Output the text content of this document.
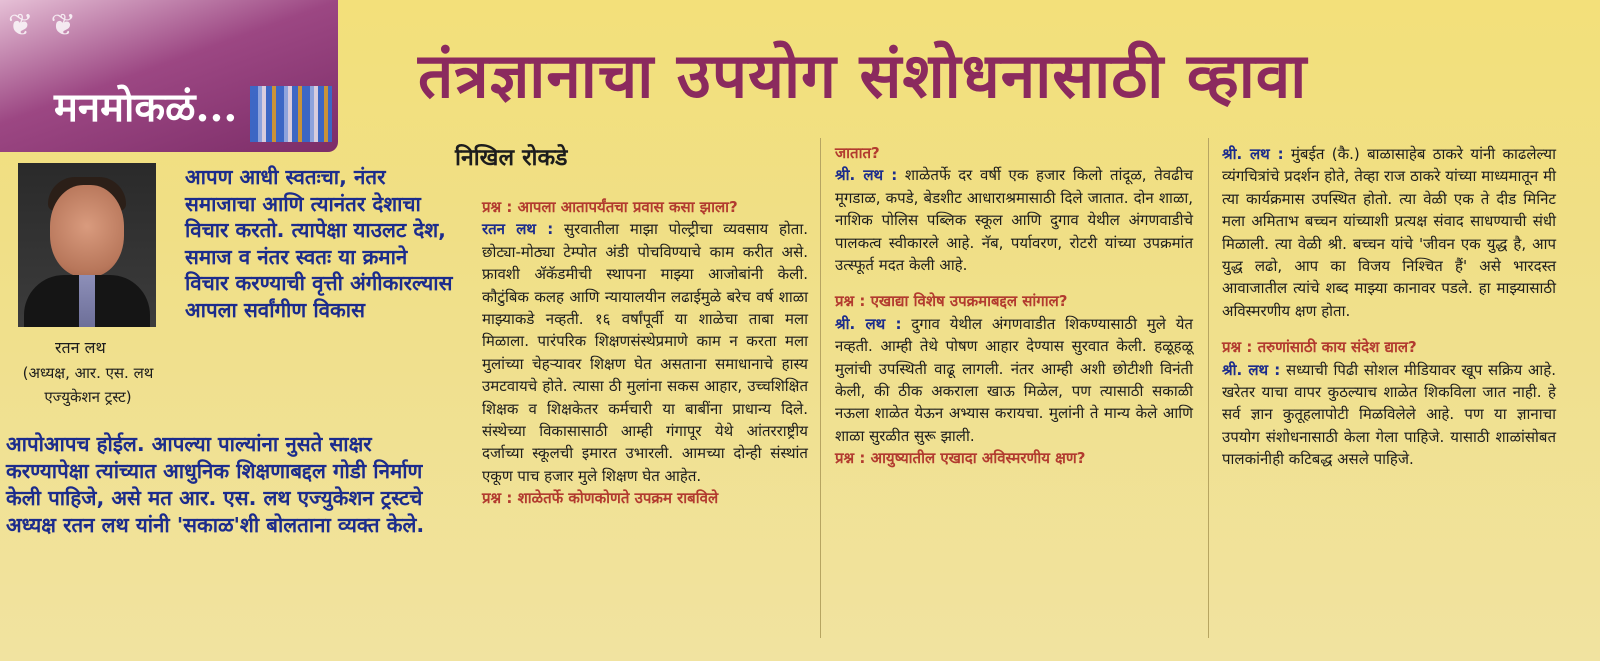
❦ ❦
मनमोकळं...	तंत्रज्ञानाचा उपयोग संशोधनासाठी व्हावा
रतन लथ
(अध्यक्ष, आर. एस. लथ एज्युकेशन ट्रस्ट)
आपण आधी स्वतःचा, नंतर समाजाचा आणि त्यानंतर देशाचा विचार करतो. त्यापेक्षा याउलट देश, समाज व नंतर स्वतः या क्रमाने विचार करण्याची वृत्ती अंगीकारल्यास आपला सर्वांगीण विकास
आपोआपच होईल. आपल्या पाल्यांना नुसते साक्षर करण्यापेक्षा त्यांच्यात आधुनिक शिक्षणाबद्दल गोडी निर्माण केली पाहिजे, असे मत आर. एस. लथ एज्युकेशन ट्रस्टचे अध्यक्ष रतन लथ यांनी 'सकाळ'शी बोलताना व्यक्त केले.
निखिल रोकडे

प्रश्न : आपला आतापर्यंतचा प्रवास कसा झाला?

रतन लथ : सुरवातीला माझा पोल्ट्रीचा व्यवसाय होता. छोट्या-मोठ्या टेम्पोत अंडी पोचविण्याचे काम करीत असे. फ्रावशी ॲकॅडमीची स्थापना माझ्या आजोबांनी केली. कौटुंबिक कलह आणि न्यायालयीन लढाईमुळे बरेच वर्ष शाळा माझ्याकडे नव्हती. १६ वर्षांपूर्वी या शाळेचा ताबा मला मिळाला. पारंपरिक शिक्षणसंस्थेप्रमाणे काम न करता मला मुलांच्या चेहऱ्यावर शिक्षण घेत असताना समाधानाचे हास्य उमटवायचे होते. त्यासा ठी मुलांना सकस आहार, उच्चशिक्षित शिक्षक व शिक्षकेतर कर्मचारी या बाबींना प्राधान्य दिले. संस्थेच्या विकासासाठी आम्ही गंगापूर येथे आंतरराष्ट्रीय दर्जाच्या स्कूलची इमारत उभारली. आमच्या दोन्ही संस्थांत एकूण पाच हजार मुले शिक्षण घेत आहेत.

प्रश्न : शाळेतर्फे कोणकोणते उपक्रम राबविले

जातात?

श्री. लथ : शाळेतर्फे दर वर्षी एक हजार किलो तांदूळ, तेवढीच मूगडाळ, कपडे, बेडशीट आधाराश्रमासाठी दिले जातात. दोन शाळा, नाशिक पोलिस पब्लिक स्कूल आणि दुगाव येथील अंगणवाडीचे पालकत्व स्वीकारले आहे. नॅब, पर्यावरण, रोटरी यांच्या उपक्रमांत उत्स्फूर्त मदत केली आहे.

प्रश्न : एखाद्या विशेष उपक्रमाबद्दल सांगाल?

श्री. लथ : दुगाव येथील अंगणवाडीत शिकण्यासाठी मुले येत नव्हती. आम्ही तेथे पोषण आहार देण्यास सुरवात केली. हळूहळू मुलांची उपस्थिती वाढू लागली. नंतर आम्ही अशी छोटीशी विनंती केली, की ठीक अकराला खाऊ मिळेल, पण त्यासाठी सकाळी नऊला शाळेत येऊन अभ्यास करायचा. मुलांनी ते मान्य केले आणि शाळा सुरळीत सुरू झाली.

प्रश्न : आयुष्यातील एखादा अविस्मरणीय क्षण?

श्री. लथ : मुंबईत (कै.) बाळासाहेब ठाकरे यांनी काढलेल्या व्यंगचित्रांचे प्रदर्शन होते, तेव्हा राज ठाकरे यांच्या माध्यमातून मी त्या कार्यक्रमास उपस्थित होतो. त्या वेळी एक ते दीड मिनिट मला अमिताभ बच्चन यांच्याशी प्रत्यक्ष संवाद साधण्याची संधी मिळाली. त्या वेळी श्री. बच्चन यांचे 'जीवन एक युद्ध है, आप युद्ध लढो, आप का विजय निश्चित हैं' असे भारदस्त आवाजातील त्यांचे शब्द माझ्या कानावर पडले. हा माझ्यासाठी अविस्मरणीय क्षण होता.

प्रश्न : तरुणांसाठी काय संदेश द्याल?

श्री. लथ : सध्याची पिढी सोशल मीडियावर खूप सक्रिय आहे. खरेतर याचा वापर कुठल्याच शाळेत शिकविला जात नाही. हे सर्व ज्ञान कुतूहलापोटी मिळविलेले आहे. पण या ज्ञानाचा उपयोग संशोधनासाठी केला गेला पाहिजे. यासाठी शाळांसोबत पालकांनीही कटिबद्ध असले पाहिजे.
